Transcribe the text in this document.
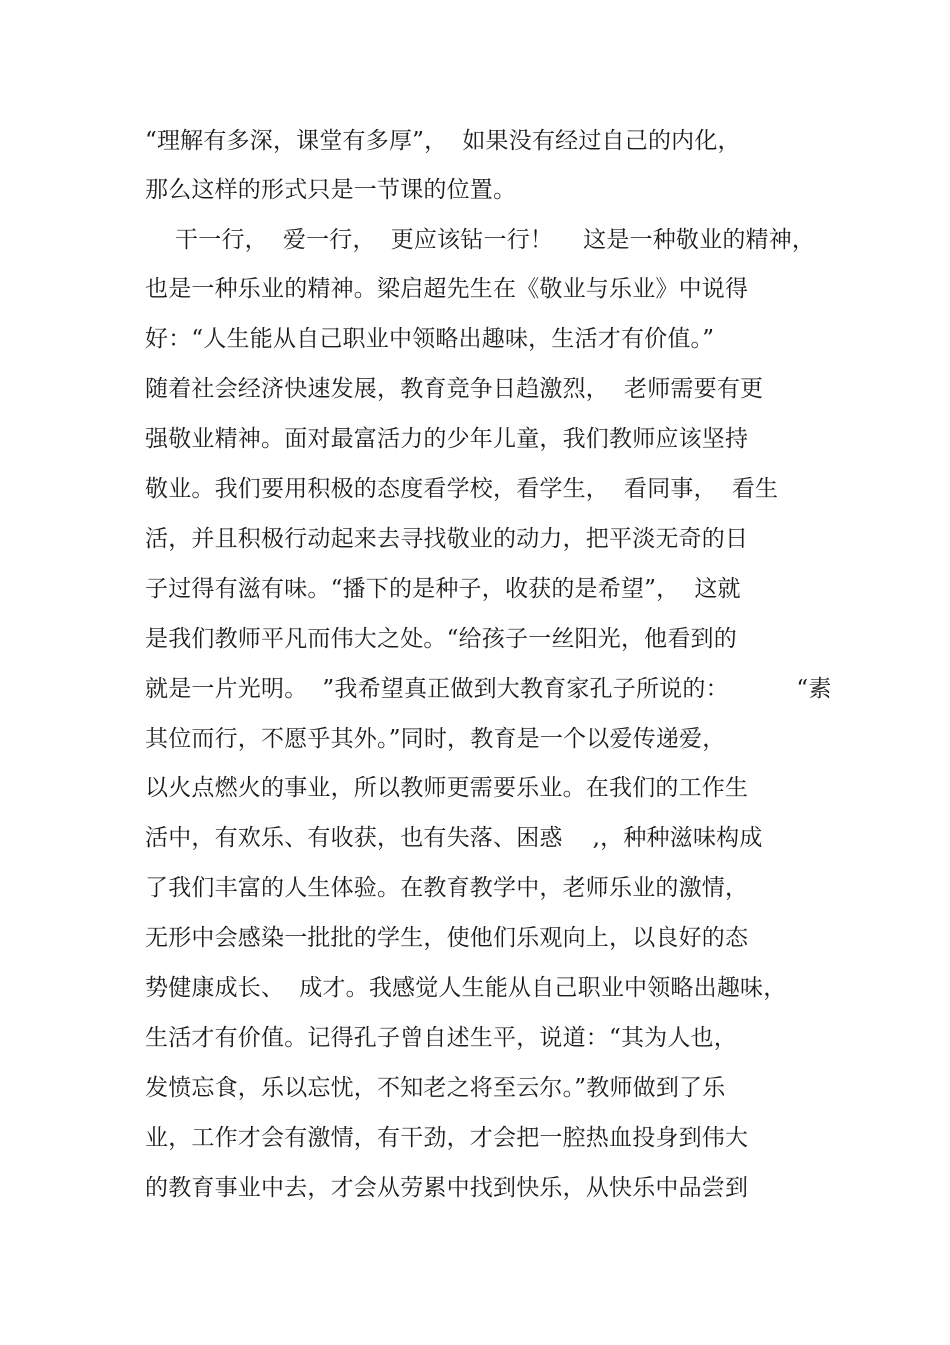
“理解有多深，课堂有多厚”，  如果没有经过自己的内化，
那么这样的形式只是一节课的位置。
干一行，  爱一行，  更应该钻一行！    这是一种敬业的精神，
也是一种乐业的精神。梁启超先生在《敬业与乐业》中说得
好：“人生能从自己职业中领略出趣味，生活才有价值。”
随着社会经济快速发展，教育竞争日趋激烈，  老师需要有更
强敬业精神。面对最富活力的少年儿童，我们教师应该坚持
敬业。我们要用积极的态度看学校，看学生，  看同事，  看生
活，并且积极行动起来去寻找敬业的动力，把平淡无奇的日
子过得有滋有味。“播下的是种子，收获的是希望”，  这就
是我们教师平凡而伟大之处。“给孩子一丝阳光，他看到的
就是一片光明。  ”我希望真正做到大教育家孔子所说的：         “素
其位而行，不愿乎其外。”同时，教育是一个以爱传递爱，
以火点燃火的事业，所以教师更需要乐业。在我们的工作生
活中，有欢乐、有收获，也有失落、困惑    ,，种种滋味构成
了我们丰富的人生体验。在教育教学中，老师乐业的激情，
无形中会感染一批批的学生，使他们乐观向上，以良好的态
势健康成长、  成才。我感觉人生能从自己职业中领略出趣味，
生活才有价值。记得孔子曾自述生平，说道：“其为人也，
发愤忘食，乐以忘忧，不知老之将至云尔。”教师做到了乐
业，工作才会有激情，有干劲，才会把一腔热血投身到伟大
的教育事业中去，才会从劳累中找到快乐，从快乐中品尝到
